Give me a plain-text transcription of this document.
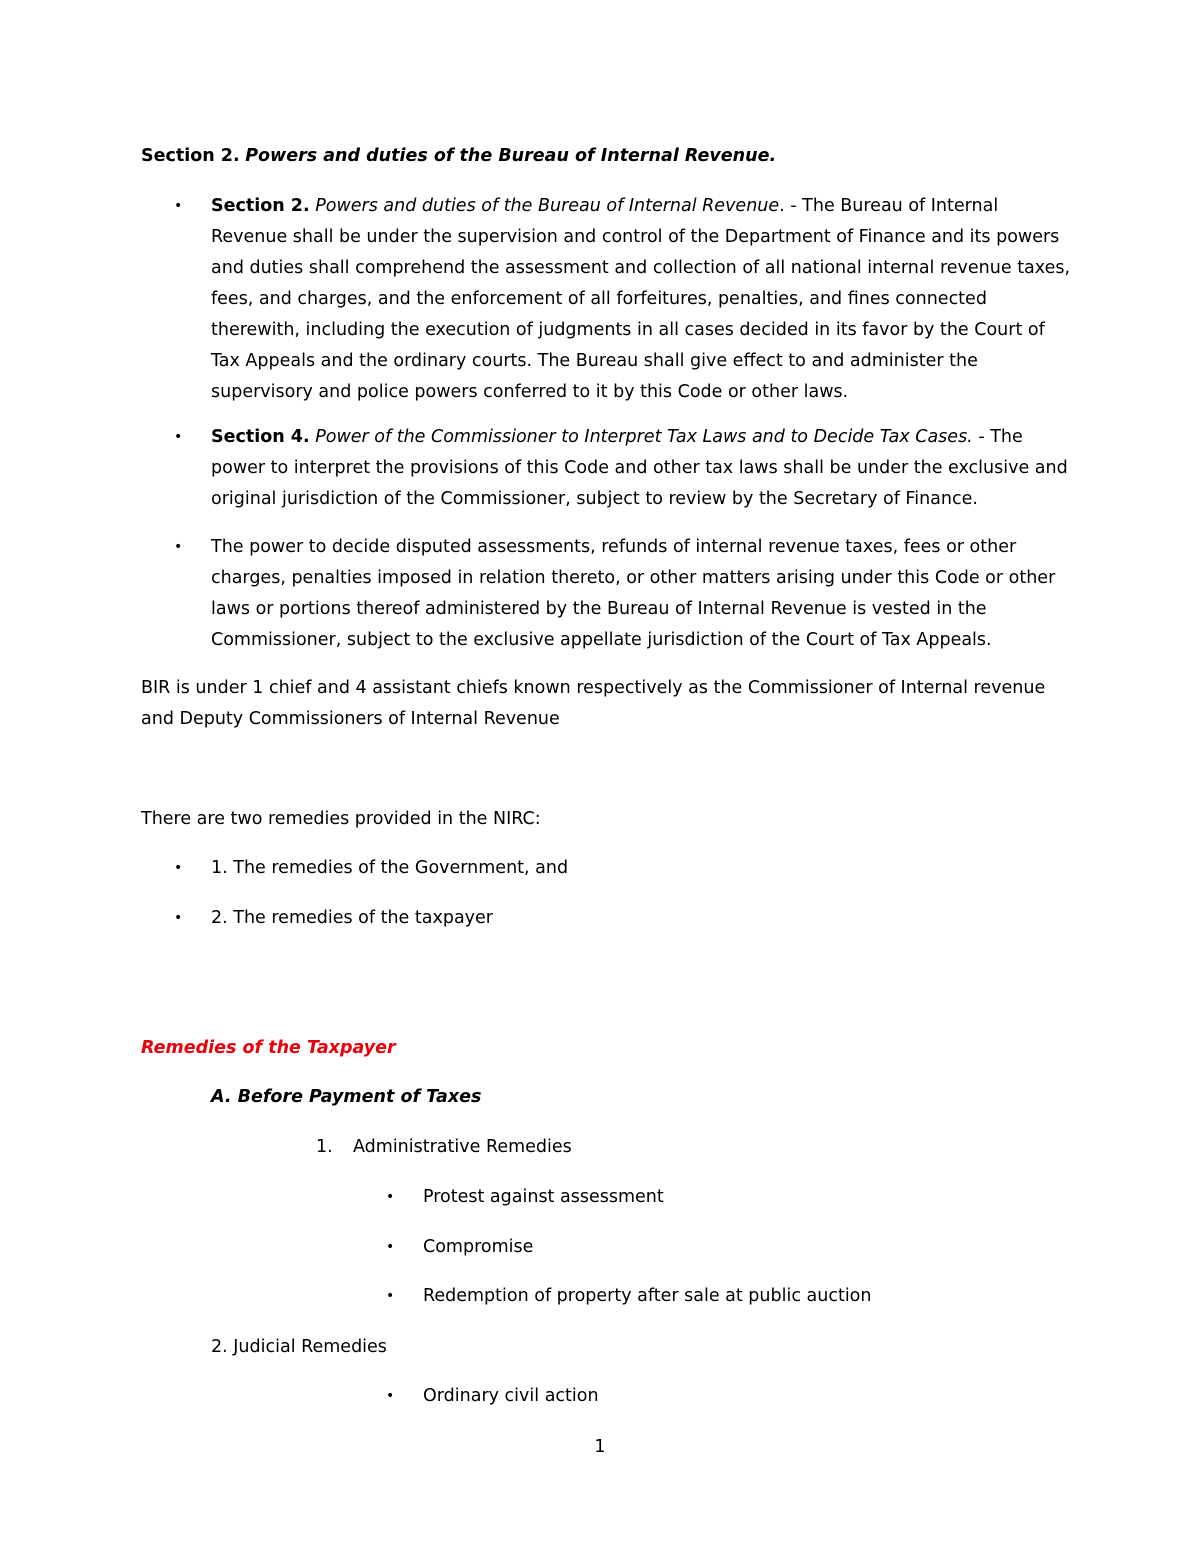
Section 2. Powers and duties of the Bureau of Internal Revenue.

• Section 2. Powers and duties of the Bureau of Internal Revenue. - The Bureau of Internal Revenue shall be under the supervision and control of the Department of Finance and its powers and duties shall comprehend the assessment and collection of all national internal revenue taxes, fees, and charges, and the enforcement of all forfeitures, penalties, and fines connected therewith, including the execution of judgments in all cases decided in its favor by the Court of Tax Appeals and the ordinary courts. The Bureau shall give effect to and administer the supervisory and police powers conferred to it by this Code or other laws.

• Section 4. Power of the Commissioner to Interpret Tax Laws and to Decide Tax Cases. - The power to interpret the provisions of this Code and other tax laws shall be under the exclusive and original jurisdiction of the Commissioner, subject to review by the Secretary of Finance.

• The power to decide disputed assessments, refunds of internal revenue taxes, fees or other charges, penalties imposed in relation thereto, or other matters arising under this Code or other laws or portions thereof administered by the Bureau of Internal Revenue is vested in the Commissioner, subject to the exclusive appellate jurisdiction of the Court of Tax Appeals.

BIR is under 1 chief and 4 assistant chiefs known respectively as the Commissioner of Internal revenue and Deputy Commissioners of Internal Revenue

There are two remedies provided in the NIRC:

• 1. The remedies of the Government, and

• 2. The remedies of the taxpayer

Remedies of the Taxpayer

A. Before Payment of Taxes

1. Administrative Remedies

• Protest against assessment

• Compromise

• Redemption of property after sale at public auction

2. Judicial Remedies

• Ordinary civil action

1
